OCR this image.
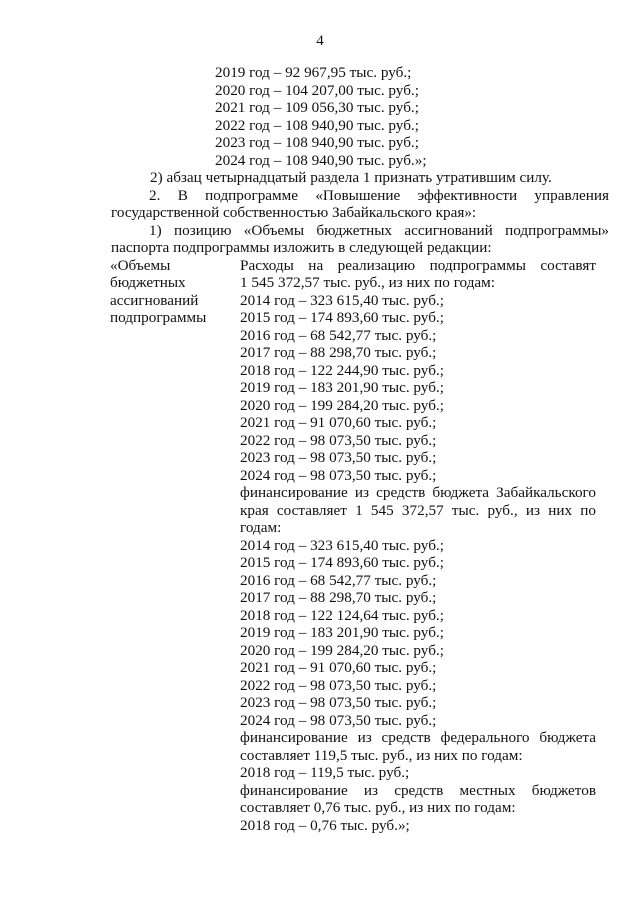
4
2019 год – 92 967,95 тыс. руб.;
2020 год – 104 207,00 тыс. руб.;
2021 год – 109 056,30 тыс. руб.;
2022 год – 108 940,90 тыс. руб.;
2023 год – 108 940,90 тыс. руб.;
2024 год – 108 940,90 тыс. руб.»;
2) абзац четырнадцатый раздела 1 признать утратившим силу.
2. В подпрограмме «Повышение эффективности управления
государственной собственностью Забайкальского края»:
1) позицию «Объемы бюджетных ассигнований подпрограммы»
паспорта подпрограммы изложить в следующей редакции:
«Объемы
бюджетных
ассигнований
подпрограммы
Расходы на реализацию подпрограммы составят
1 545 372,57 тыс. руб., из них по годам:
2014 год – 323 615,40 тыс. руб.;
2015 год – 174 893,60 тыс. руб.;
2016 год – 68 542,77 тыс. руб.;
2017 год – 88 298,70 тыс. руб.;
2018 год – 122 244,90 тыс. руб.;
2019 год – 183 201,90 тыс. руб.;
2020 год – 199 284,20 тыс. руб.;
2021 год – 91 070,60 тыс. руб.;
2022 год – 98 073,50 тыс. руб.;
2023 год – 98 073,50 тыс. руб.;
2024 год – 98 073,50 тыс. руб.;
финансирование из средств бюджета Забайкальского
края составляет 1 545 372,57 тыс. руб., из них по
годам:
2014 год – 323 615,40 тыс. руб.;
2015 год – 174 893,60 тыс. руб.;
2016 год – 68 542,77 тыс. руб.;
2017 год – 88 298,70 тыс. руб.;
2018 год – 122 124,64 тыс. руб.;
2019 год – 183 201,90 тыс. руб.;
2020 год – 199 284,20 тыс. руб.;
2021 год – 91 070,60 тыс. руб.;
2022 год – 98 073,50 тыс. руб.;
2023 год – 98 073,50 тыс. руб.;
2024 год – 98 073,50 тыс. руб.;
финансирование из средств федерального бюджета
составляет 119,5 тыс. руб., из них по годам:
2018 год – 119,5 тыс. руб.;
финансирование из средств местных бюджетов
составляет 0,76 тыс. руб., из них по годам:
2018 год – 0,76 тыс. руб.»;
